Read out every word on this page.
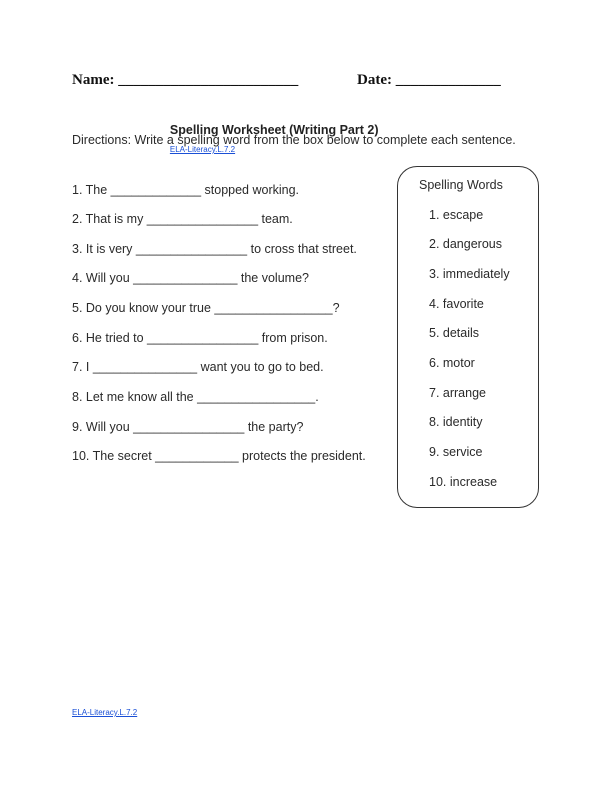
Name: ________________________	Date: ______________

Spelling Worksheet (Writing Part 2)
ELA-Literacy.L.7.2

Directions: Write a spelling word from the box below to complete each sentence.
1. The _____________ stopped working.
2. That is my ________________ team.
3. It is very ________________ to cross that street.
4. Will you _______________ the volume?
5. Do you know your true _________________?
6. He tried to ________________ from prison.
7. I _______________ want you to go to bed.
8. Let me know all the _________________.
9. Will you ________________ the party?
10. The secret ____________ protects the president.
Spelling Words
1. escape
2. dangerous
3. immediately
4. favorite
5. details
6. motor
7. arrange
8. identity
9. service
10. increase
ELA-Literacy.L.7.2
